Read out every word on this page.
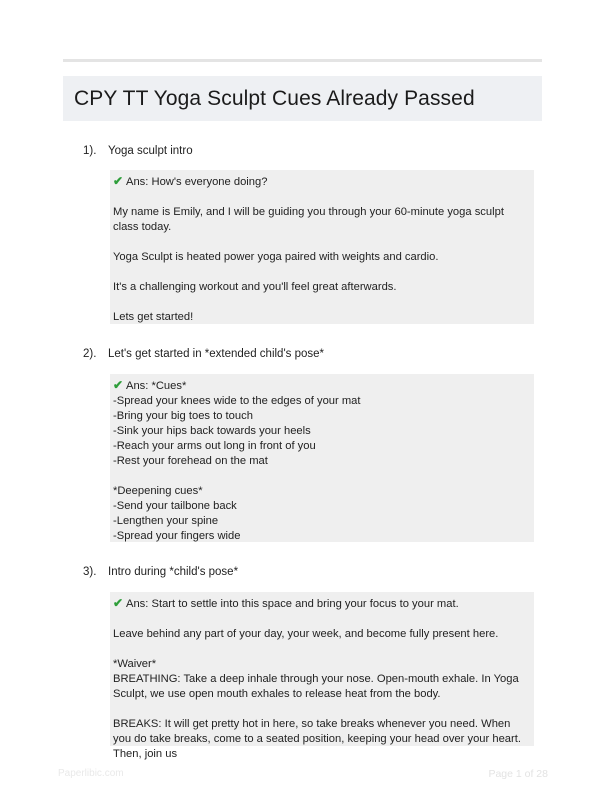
CPY TT Yoga Sculpt Cues Already Passed
1). Yoga sculpt intro

✔ Ans: How's everyone doing?

My name is Emily, and I will be guiding you through your 60-minute yoga sculpt class today.

Yoga Sculpt is heated power yoga paired with weights and cardio.

It's a challenging workout and you'll feel great afterwards.

Lets get started!

2). Let's get started in *extended child's pose*
✔ Ans: *Cues*
-Spread your knees wide to the edges of your mat
-Bring your big toes to touch
-Sink your hips back towards your heels
-Reach your arms out long in front of you
-Rest your forehead on the mat
*Deepening cues*
-Send your tailbone back
-Lengthen your spine
-Spread your fingers wide
3). Intro during *child's pose*

✔ Ans: Start to settle into this space and bring your focus to your mat.

Leave behind any part of your day, your week, and become fully present here.

*Waiver*

BREATHING: Take a deep inhale through your nose. Open-mouth exhale. In Yoga Sculpt, we use open mouth exhales to release heat from the body.

BREAKS: It will get pretty hot in here, so take breaks whenever you need. When you do take breaks, come to a seated position, keeping your head over your heart. Then, join us

Paperlibic.com	Page 1 of 28
